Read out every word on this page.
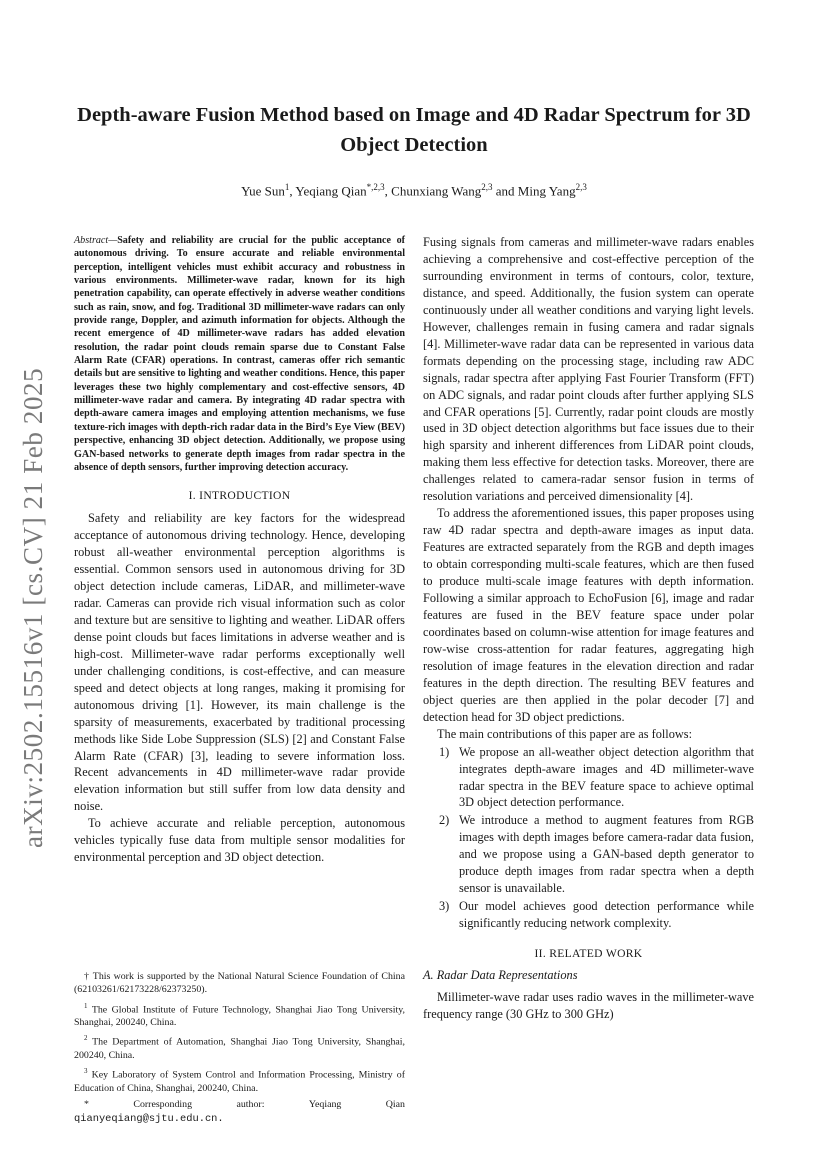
arXiv:2502.15516v1 [cs.CV] 21 Feb 2025
Depth-aware Fusion Method based on Image and 4D Radar Spectrum for 3D Object Detection
Yue Sun$^1$, Yeqiang Qian$^{*,2,3}$, Chunxiang Wang$^{2,3}$ and Ming Yang$^{2,3}$

Abstract—Safety and reliability are crucial for the public acceptance of autonomous driving. To ensure accurate and reliable environmental perception, intelligent vehicles must exhibit accuracy and robustness in various environments. Millimeter-wave radar, known for its high penetration capability, can operate effectively in adverse weather conditions such as rain, snow, and fog. Traditional 3D millimeter-wave radars can only provide range, Doppler, and azimuth information for objects. Although the recent emergence of 4D millimeter-wave radars has added elevation resolution, the radar point clouds remain sparse due to Constant False Alarm Rate (CFAR) operations. In contrast, cameras offer rich semantic details but are sensitive to lighting and weather conditions. Hence, this paper leverages these two highly complementary and cost-effective sensors, 4D millimeter-wave radar and camera. By integrating 4D radar spectra with depth-aware camera images and employing attention mechanisms, we fuse texture-rich images with depth-rich radar data in the Bird’s Eye View (BEV) perspective, enhancing 3D object detection. Additionally, we propose using GAN-based networks to generate depth images from radar spectra in the absence of depth sensors, further improving detection accuracy.

I. INTRODUCTION

Safety and reliability are key factors for the widespread acceptance of autonomous driving technology. Hence, developing robust all-weather environmental perception algorithms is essential. Common sensors used in autonomous driving for 3D object detection include cameras, LiDAR, and millimeter-wave radar. Cameras can provide rich visual information such as color and texture but are sensitive to lighting and weather. LiDAR offers dense point clouds but faces limitations in adverse weather and is high-cost. Millimeter-wave radar performs exceptionally well under challenging conditions, is cost-effective, and can measure speed and detect objects at long ranges, making it promising for autonomous driving [1]. However, its main challenge is the sparsity of measurements, exacerbated by traditional processing methods like Side Lobe Suppression (SLS) [2] and Constant False Alarm Rate (CFAR) [3], leading to severe information loss. Recent advancements in 4D millimeter-wave radar provide elevation information but still suffer from low data density and noise.

To achieve accurate and reliable perception, autonomous vehicles typically fuse data from multiple sensor modalities for environmental perception and 3D object detection.

† This work is supported by the National Natural Science Foundation of China (62103261/62173228/62373250).

$^1$ The Global Institute of Future Technology, Shanghai Jiao Tong University, Shanghai, 200240, China.

$^2$ The Department of Automation, Shanghai Jiao Tong University, Shanghai, 200240, China.

$^3$ Key Laboratory of System Control and Information Processing, Ministry of Education of China, Shanghai, 200240, China.

*	Corresponding	author:	Yeqiang	Qian

qianyeqiang@sjtu.edu.cn.

Fusing signals from cameras and millimeter-wave radars enables achieving a comprehensive and cost-effective perception of the surrounding environment in terms of contours, color, texture, distance, and speed. Additionally, the fusion system can operate continuously under all weather conditions and varying light levels. However, challenges remain in fusing camera and radar signals [4]. Millimeter-wave radar data can be represented in various data formats depending on the processing stage, including raw ADC signals, radar spectra after applying Fast Fourier Transform (FFT) on ADC signals, and radar point clouds after further applying SLS and CFAR operations [5]. Currently, radar point clouds are mostly used in 3D object detection algorithms but face issues due to their high sparsity and inherent differences from LiDAR point clouds, making them less effective for detection tasks. Moreover, there are challenges related to camera-radar sensor fusion in terms of resolution variations and perceived dimensionality [4].

To address the aforementioned issues, this paper proposes using raw 4D radar spectra and depth-aware images as input data. Features are extracted separately from the RGB and depth images to obtain corresponding multi-scale features, which are then fused to produce multi-scale image features with depth information. Following a similar approach to EchoFusion [6], image and radar features are fused in the BEV feature space under polar coordinates based on column-wise attention for image features and row-wise cross-attention for radar features, aggregating high resolution of image features in the elevation direction and radar features in the depth direction. The resulting BEV features and object queries are then applied in the polar decoder [7] and detection head for 3D object predictions.

The main contributions of this paper are as follows:

1) We propose an all-weather object detection algorithm that integrates depth-aware images and 4D millimeter-wave radar spectra in the BEV feature space to achieve optimal 3D object detection performance.
2) We introduce a method to augment features from RGB images with depth images before camera-radar data fusion, and we propose using a GAN-based depth generator to produce depth images from radar spectra when a depth sensor is unavailable.
3) Our model achieves good detection performance while significantly reducing network complexity.
II. RELATED WORK
A. Radar Data Representations

Millimeter-wave radar uses radio waves in the millimeter-wave frequency range (30 GHz to 300 GHz)
